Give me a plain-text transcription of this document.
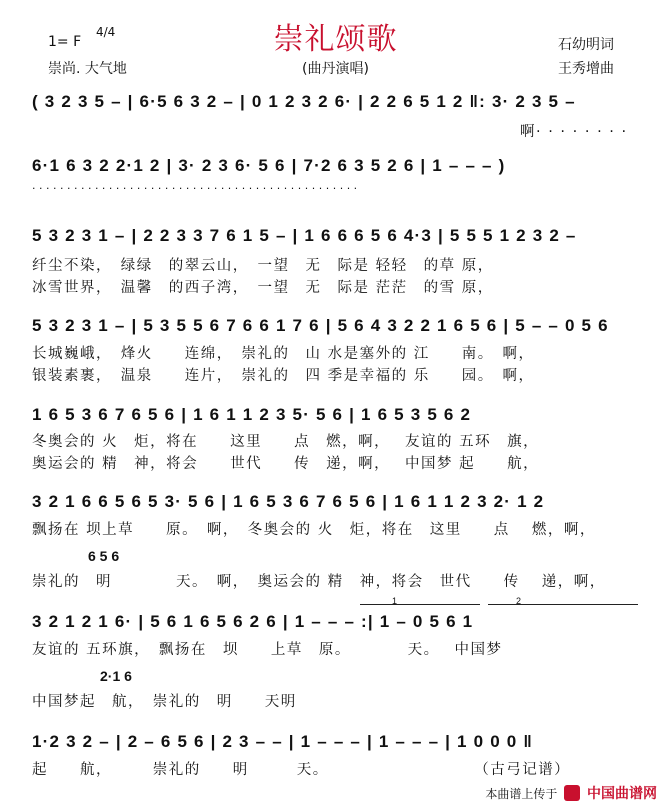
崇礼颂歌
1= F
4/4
崇尚. 大气地	(曲丹演唱)
石幼明词
王秀增曲
( 3 2 3 5 – | 6·5 6 3 2 – | 0 1 2 3 2 6· | 2 2 6 5 1 2 ‖: 3· 2 3 5 –
啊· · · · · · · ·
6·1 6 3 2 2·1 2 | 3· 2 3 6· 5 6 | 7·2 6 3 5 2 6 | 1 – – – )
· · · · · · · · · · · · · · · · · · · · · · · · · · · · · · · · · · · · · · · · · · · · · · ·
5 3 2 3 1 – | 2 2 3 3 7 6 1 5 – | 1 6 6 6 5 6 4·3 | 5 5 5 1 2 3 2 –
纤尘不染，　绿绿　的翠云山，　一望　无　际是 轻轻　的草 原，
冰雪世界，　温馨　的西子湾，　一望　无　际是 茫茫　的雪 原，
5 3 2 3 1 – | 5 3 5 5 6 7 6 6 1 7 6 | 5 6 4 3 2 2 1 6 5 6 | 5 – – 0 5 6
长城巍峨，　烽火　　连绵，　崇礼的　山 水是塞外的 江　　南。　啊，
银装素裹，　温泉　　连片，　崇礼的　四 季是幸福的 乐　　园。　啊，
1 6 5 3 6 7 6 5 6 | 1 6 1 1 2 3 5· 5 6 | 1 6 5 3 5 6 2
冬奥会的 火　炬，将在　　这里　　点　燃，啊，　 友谊的 五环　旗，
奥运会的 精　神，将会　　世代　　传　递，啊，　 中国梦 起　　航，
3 2 1 6 6 5 6 5 3· 5 6 | 1 6 5 3 6 7 6 5 6 | 1 6 1 1 2 3 2· 1 2
飘扬在 坝上草　　原。　啊，　冬奥会的 火　炬，将在　这里　　点　 燃，啊，
6 5 6
崇礼的　明　　　　天。　啊，　奥运会的 精　神，将会　世代　　传　 递，啊，
1	2
3 2 1 2 1 6· | 5 6 1 6 5 6 2 6 | 1 – – – :| 1 – 0 5 6 1
友谊的 五环旗，　飘扬在　坝　　上草　原。　　　　天。　 中国梦
2·1 6
中国梦起　航，　崇礼的　明　　天明
1·2 3 2 – | 2 – 6 5 6 | 2 3 – – | 1 – – – | 1 – – – | 1 0 0 0 ‖
起　　航，　　　崇礼的　　明　　　天。　　　　　　　　　　（古弓记谱）
本曲谱上传于 中国曲谱网
